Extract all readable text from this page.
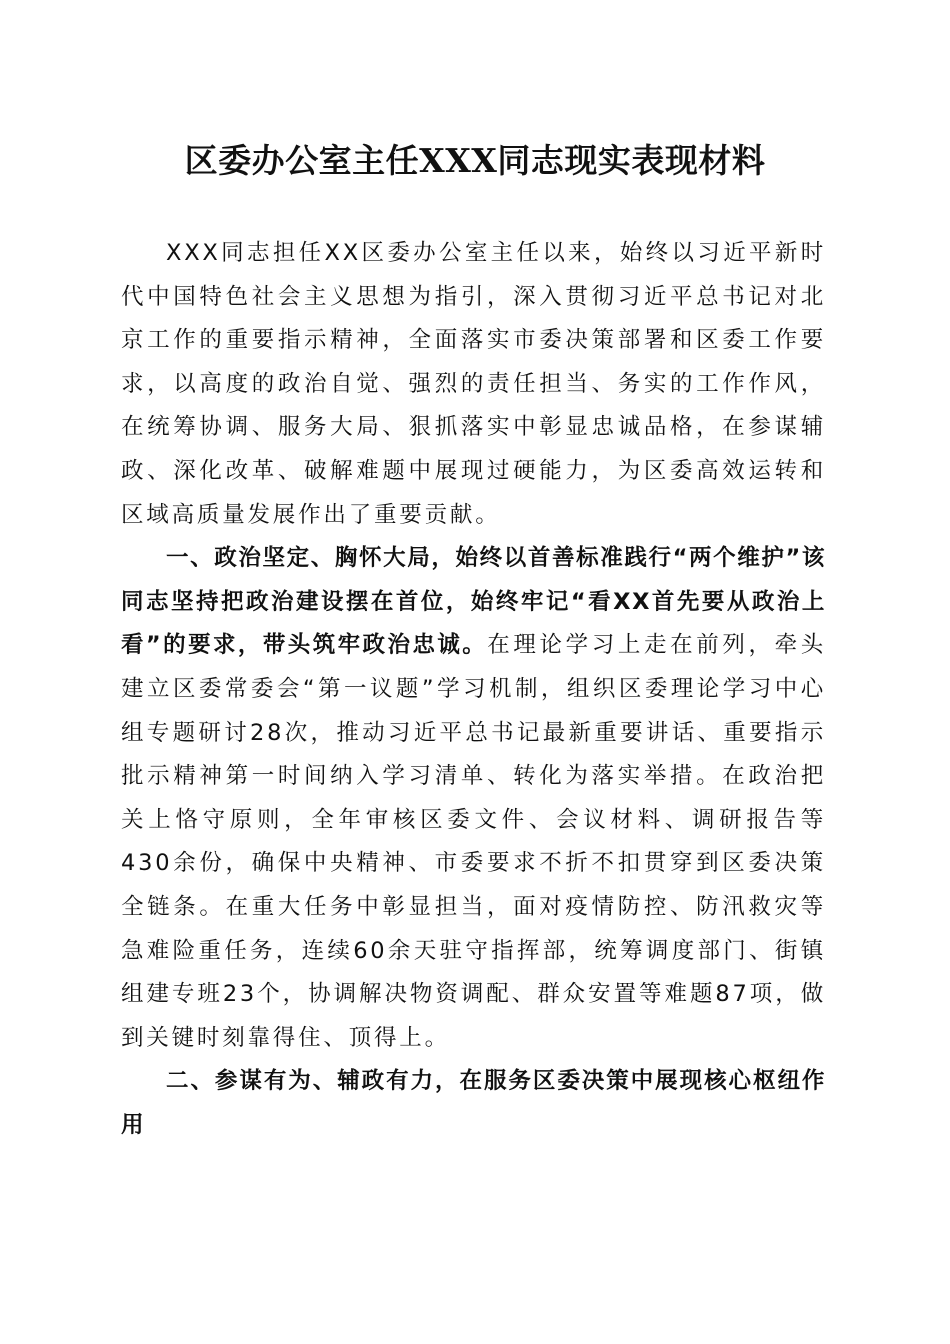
区委办公室主任XXX同志现实表现材料

XXX同志担任XX区委办公室主任以来，始终以习近平新时代中国特色社会主义思想为指引，深入贯彻习近平总书记对北京工作的重要指示精神，全面落实市委决策部署和区委工作要求，以高度的政治自觉、强烈的责任担当、务实的工作作风，在统筹协调、服务大局、狠抓落实中彰显忠诚品格，在参谋辅政、深化改革、破解难题中展现过硬能力，为区委高效运转和区域高质量发展作出了重要贡献。

一、政治坚定、胸怀大局，始终以首善标准践行“两个维护”该同志坚持把政治建设摆在首位，始终牢记“看XX首先要从政治上看”的要求，带头筑牢政治忠诚。在理论学习上走在前列，牵头建立区委常委会“第一议题”学习机制，组织区委理论学习中心组专题研讨28次，推动习近平总书记最新重要讲话、重要指示批示精神第一时间纳入学习清单、转化为落实举措。在政治把关上恪守原则，全年审核区委文件、会议材料、调研报告等430余份，确保中央精神、市委要求不折不扣贯穿到区委决策全链条。在重大任务中彰显担当，面对疫情防控、防汛救灾等急难险重任务，连续60余天驻守指挥部，统筹调度部门、街镇组建专班23个，协调解决物资调配、群众安置等难题87项，做到关键时刻靠得住、顶得上。

二、参谋有为、辅政有力，在服务区委决策中展现核心枢纽作用
